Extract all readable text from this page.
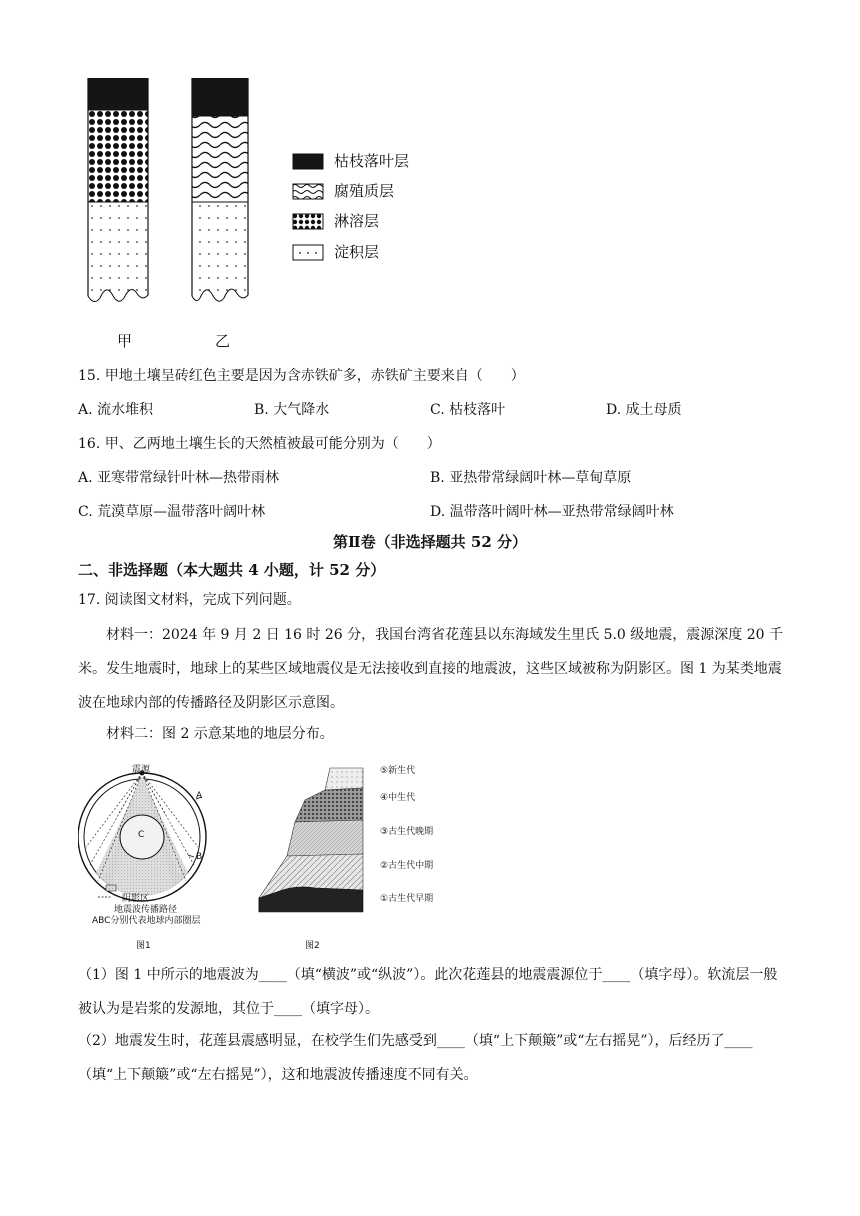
甲	乙
枯枝落叶层
腐殖质层
淋溶层
淀积层
15. 甲地土壤呈砖红色主要是因为含赤铁矿多，赤铁矿主要来自（　　）
A. 流水堆积	B. 大气降水	C. 枯枝落叶	D. 成土母质
16. 甲、乙两地土壤生长的天然植被最可能分别为（　　）
A. 亚寒带常绿针叶林—热带雨林	B. 亚热带常绿阔叶林—草甸草原
C. 荒漠草原—温带落叶阔叶林	D. 温带落叶阔叶林—亚热带常绿阔叶林
第Ⅱ卷（非选择题共 52 分）
二、非选择题（本大题共 4 小题，计 52 分）
17. 阅读图文材料，完成下列问题。
材料一：2024 年 9 月 2 日 16 时 26 分，我国台湾省花莲县以东海域发生里氏 5.0 级地震，震源深度 20 千米。发生地震时，地球上的某些区域地震仪是无法接收到直接的地震波，这些区域被称为阴影区。图 1 为某类地震波在地球内部的传播路径及阴影区示意图。
材料二：图 2 示意某地的地层分布。
震源
A
B
C
阴影区
地震波传播路径
ABC分别代表地球内部圈层
图1
⑤新生代
④中生代
③古生代晚期
②古生代中期
①古生代早期
图2
（1）图 1 中所示的地震波为____（填“横波”或“纵波”）。此次花莲县的地震震源位于____（填字母）。软流层一般被认为是岩浆的发源地，其位于____（填字母）。
（2）地震发生时，花莲县震感明显，在校学生们先感受到____（填“上下颠簸”或“左右摇晃”），后经历了____（填“上下颠簸”或“左右摇晃”），这和地震波传播速度不同有关。
